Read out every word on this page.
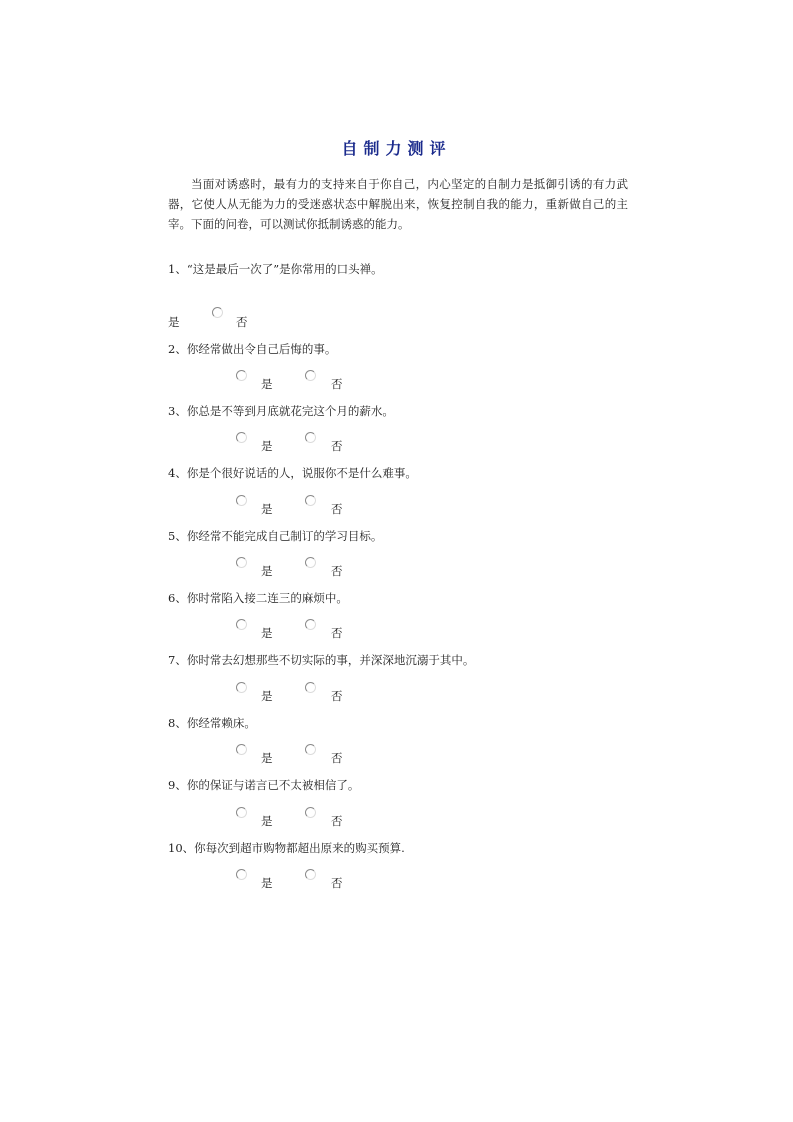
自制力测评
当面对诱惑时，最有力的支持来自于你自己，内心坚定的自制力是抵御引诱的有力武器，它使人从无能为力的受迷惑状态中解脱出来，恢复控制自我的能力，重新做自己的主宰。下面的问卷，可以测试你抵制诱惑的能力。
1、“这是最后一次了”是你常用的口头禅。
是	否
2、你经常做出令自己后悔的事。
是	否
3、你总是不等到月底就花完这个月的薪水。
是	否
4、你是个很好说话的人，说服你不是什么难事。
是	否
5、你经常不能完成自己制订的学习目标。
是	否
6、你时常陷入接二连三的麻烦中。
是	否
7、你时常去幻想那些不切实际的事，并深深地沉溺于其中。
是	否
8、你经常赖床。
是	否
9、你的保证与诺言已不太被相信了。
是	否
10、你每次到超市购物都超出原来的购买预算.
是	否
